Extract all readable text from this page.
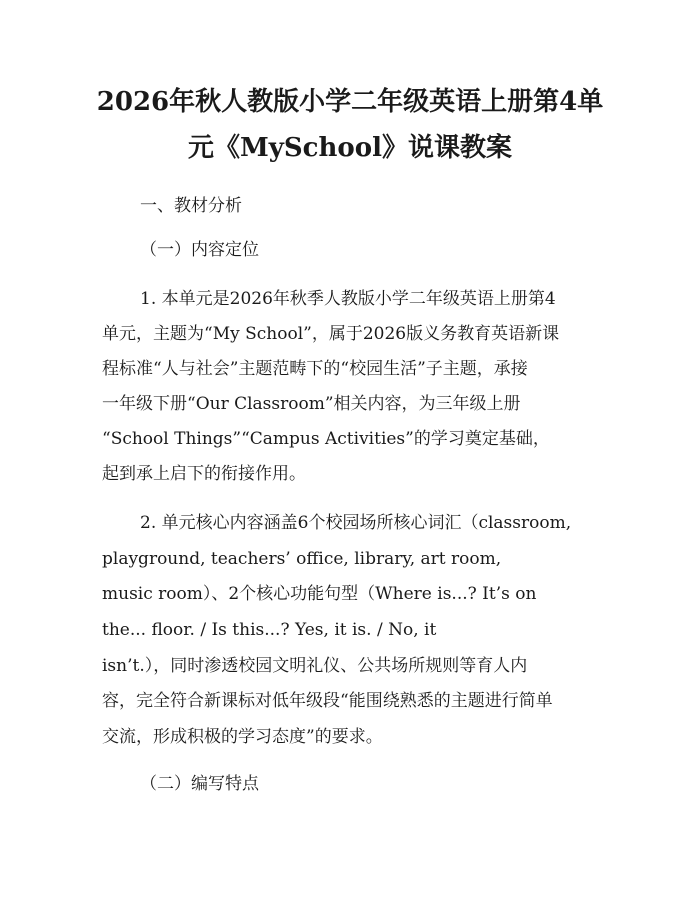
2026年秋人教版小学二年级英语上册第4单
元《MySchool》说课教案

一、教材分析

（一）内容定位

1. 本单元是2026年秋季人教版小学二年级英语上册第4

单元，主题为“My School”，属于2026版义务教育英语新课

程标准“人与社会”主题范畴下的“校园生活”子主题，承接

一年级下册“Our Classroom”相关内容，为三年级上册

“School Things”“Campus Activities”的学习奠定基础，

起到承上启下的衔接作用。

2. 单元核心内容涵盖6个校园场所核心词汇（classroom,

playground, teachers’ office, library, art room,

music room）、2个核心功能句型（Where is...? It’s on

the... floor. / Is this...? Yes, it is. / No, it

isn’t.），同时渗透校园文明礼仪、公共场所规则等育人内

容，完全符合新课标对低年级段“能围绕熟悉的主题进行简单

交流，形成积极的学习态度”的要求。

（二）编写特点
